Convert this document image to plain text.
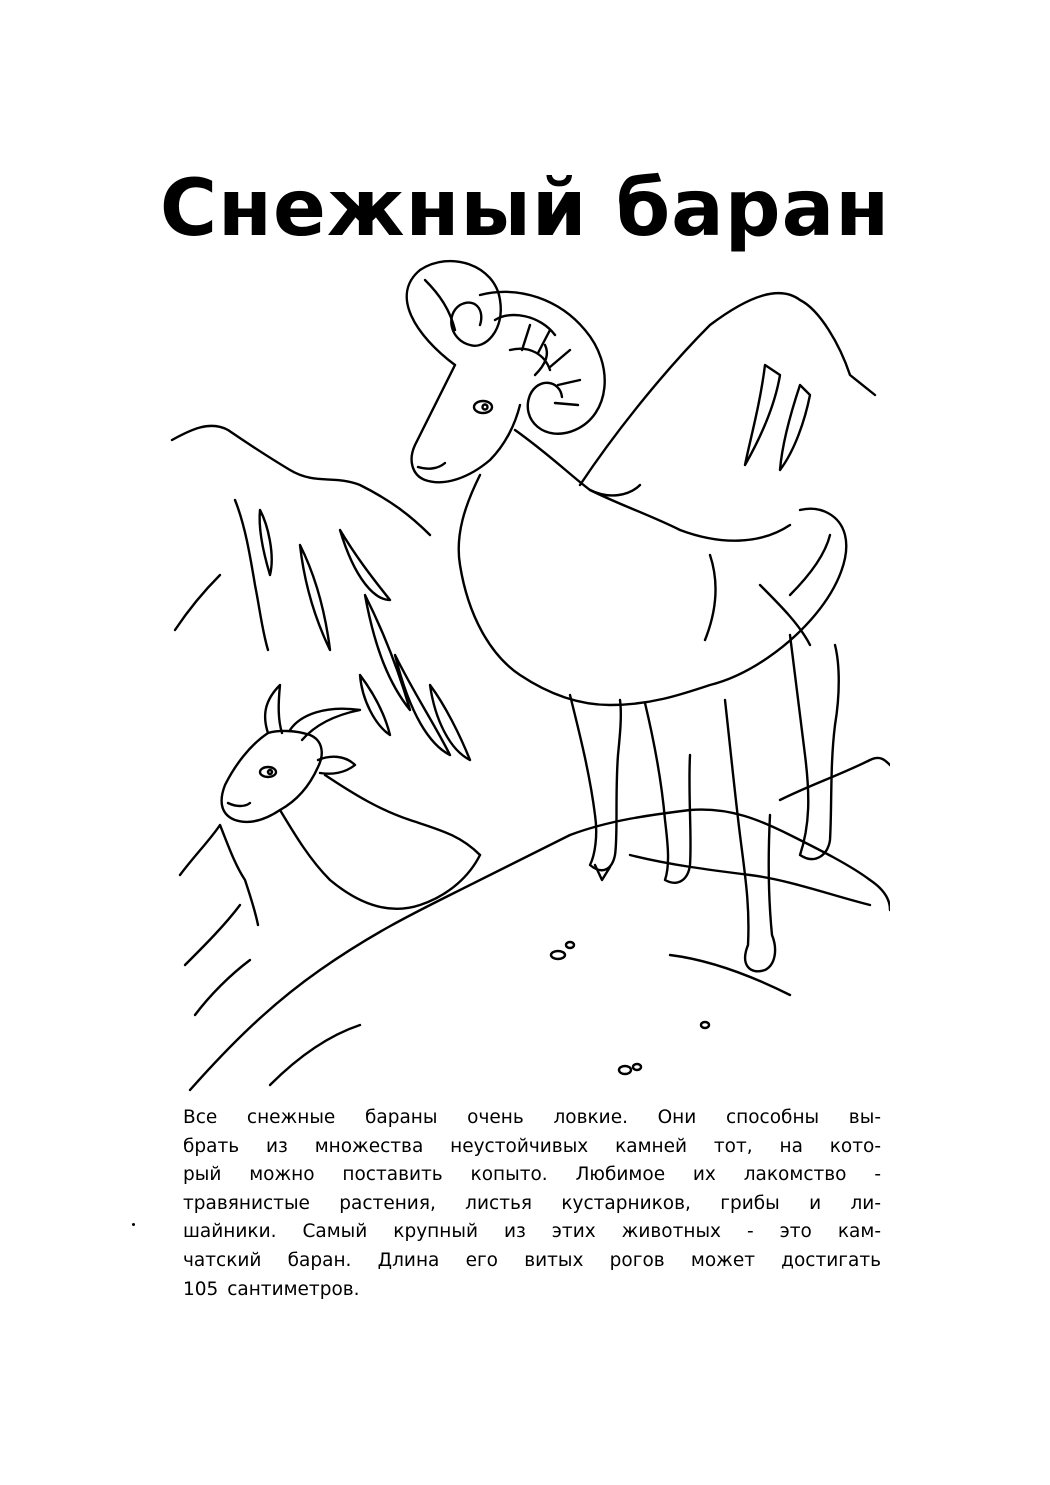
Снежный баран

Все снежные бараны очень ловкие. Они способны вы-
брать из множества неустойчивых камней тот, на кото-
рый можно поставить копыто. Любимое их лакомство -
травянистые растения, листья кустарников, грибы и ли-
шайники. Самый крупный из этих животных - это кам-
чатский баран. Длина его витых рогов может достигать
105 сантиметров.
